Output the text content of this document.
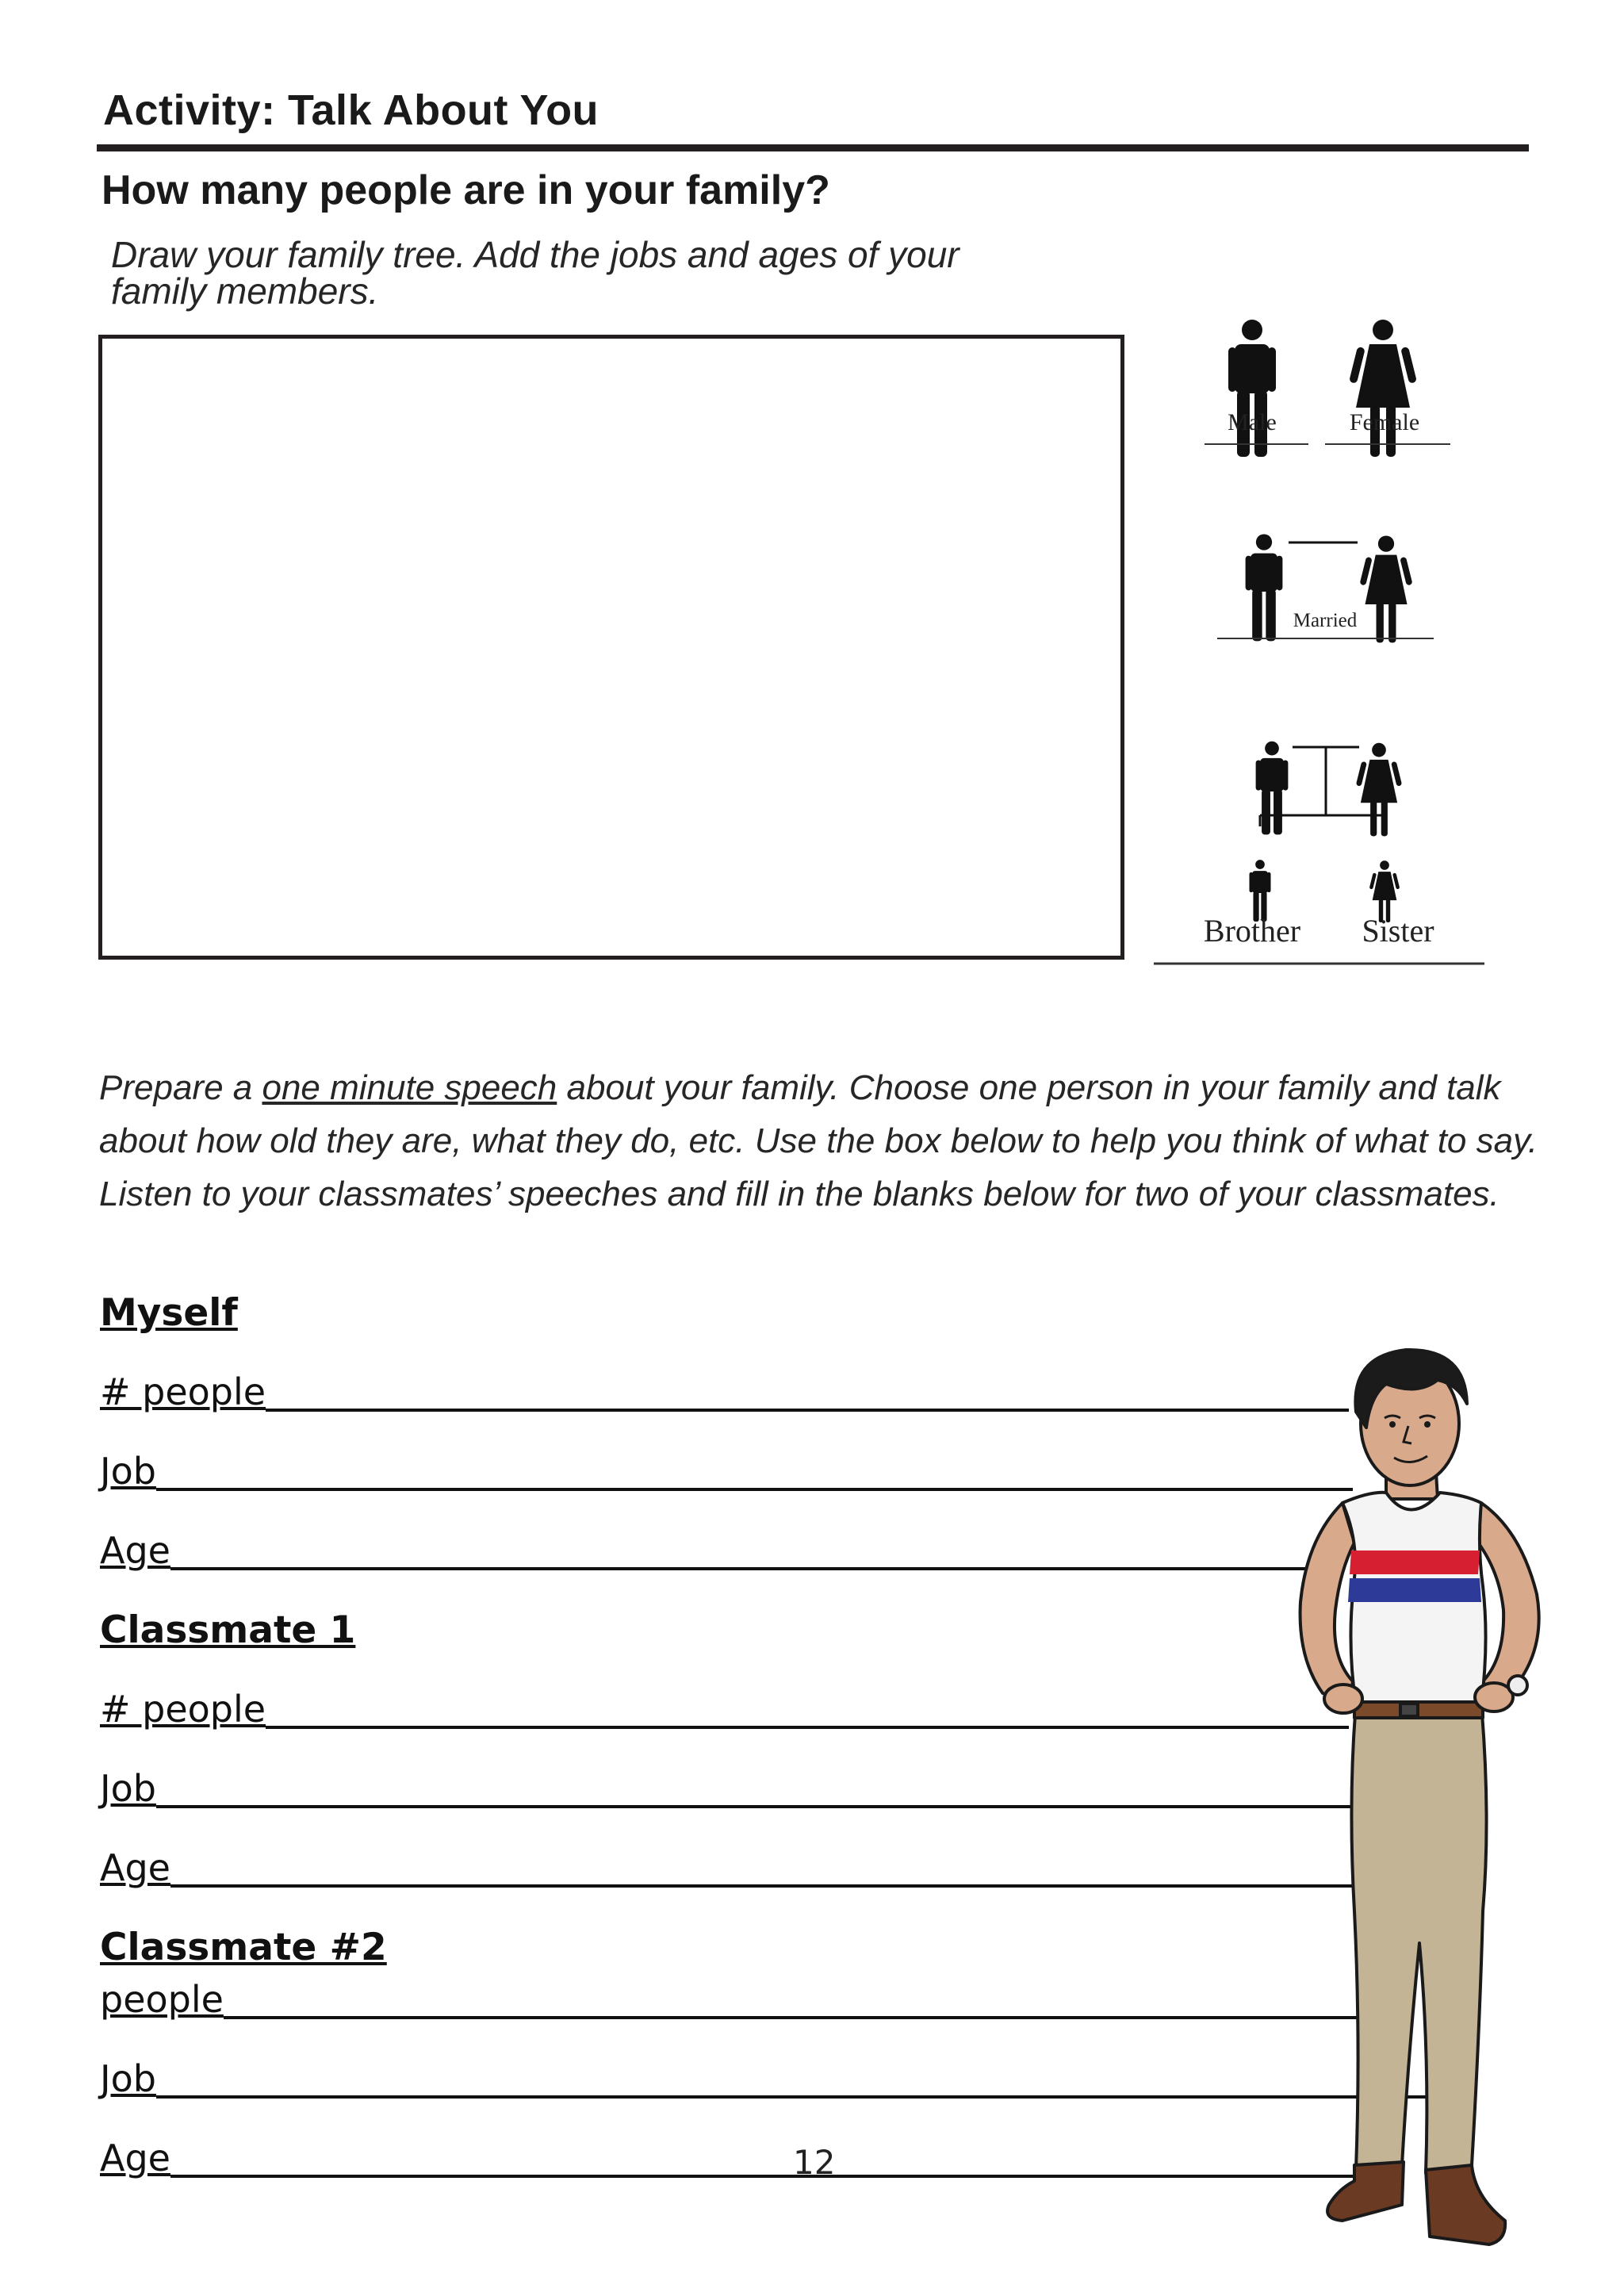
Activity: Talk About You
How many people are in your family?
Draw your family tree. Add the jobs and ages of your
family members.
Male	Female
Married
Brother Sister
Prepare a one minute speech about your family. Choose one person in your family and talk about how old they are, what they do, etc. Use the box below to help you think of what to say. Listen to your classmates’ speeches and fill in the blanks below for two of your classmates.
Myself
# people
Job
Age
Classmate 1
# people
Job
Age
Classmate #2
people
Job
Age	12
